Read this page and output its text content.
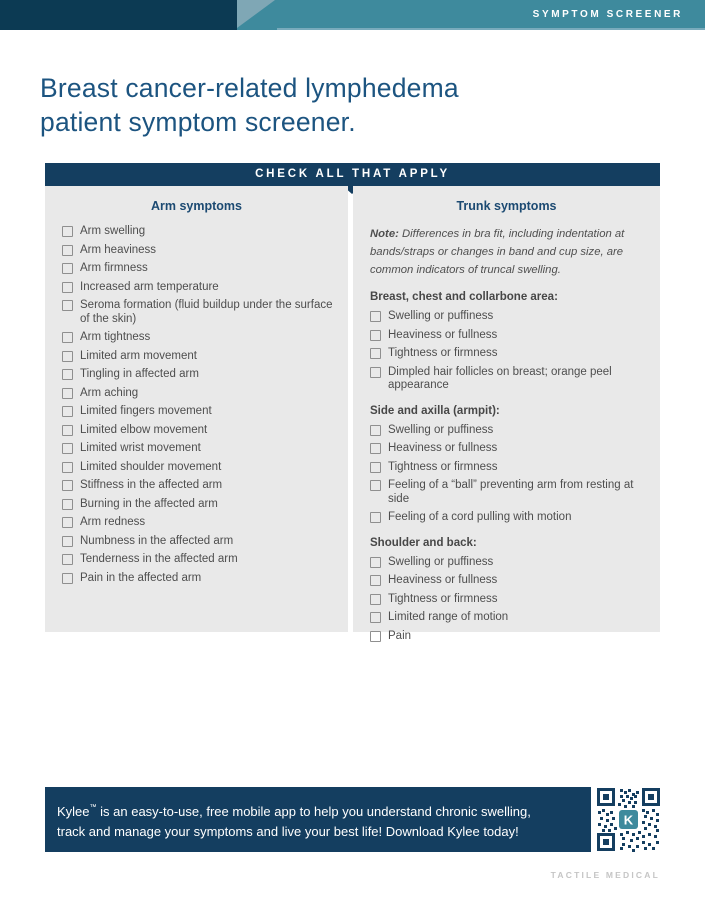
SYMPTOM SCREENER
Breast cancer-related lymphedema
patient symptom screener.
CHECK ALL THAT APPLY
Arm symptoms
Arm swelling
Arm heaviness
Arm firmness
Increased arm temperature
Seroma formation (fluid buildup under the surface of the skin)
Arm tightness
Limited arm movement
Tingling in affected arm
Arm aching
Limited fingers movement
Limited elbow movement
Limited wrist movement
Limited shoulder movement
Stiffness in the affected arm
Burning in the affected arm
Arm redness
Numbness in the affected arm
Tenderness in the affected arm
Pain in the affected arm
Trunk symptoms
Note: Differences in bra fit, including indentation at bands/straps or changes in band and cup size, are common indicators of truncal swelling.
Breast, chest and collarbone area:
Swelling or puffiness
Heaviness or fullness
Tightness or firmness
Dimpled hair follicles on breast; orange peel appearance
Side and axilla (armpit):
Swelling or puffiness
Heaviness or fullness
Tightness or firmness
Feeling of a “ball” preventing arm from resting at side
Feeling of a cord pulling with motion
Shoulder and back:
Swelling or puffiness
Heaviness or fullness
Tightness or firmness
Limited range of motion
Pain
Kylee™ is an easy-to-use, free mobile app to help you understand chronic swelling,
track and manage your symptoms and live your best life! Download Kylee today!
K
TACTILE MEDICAL
